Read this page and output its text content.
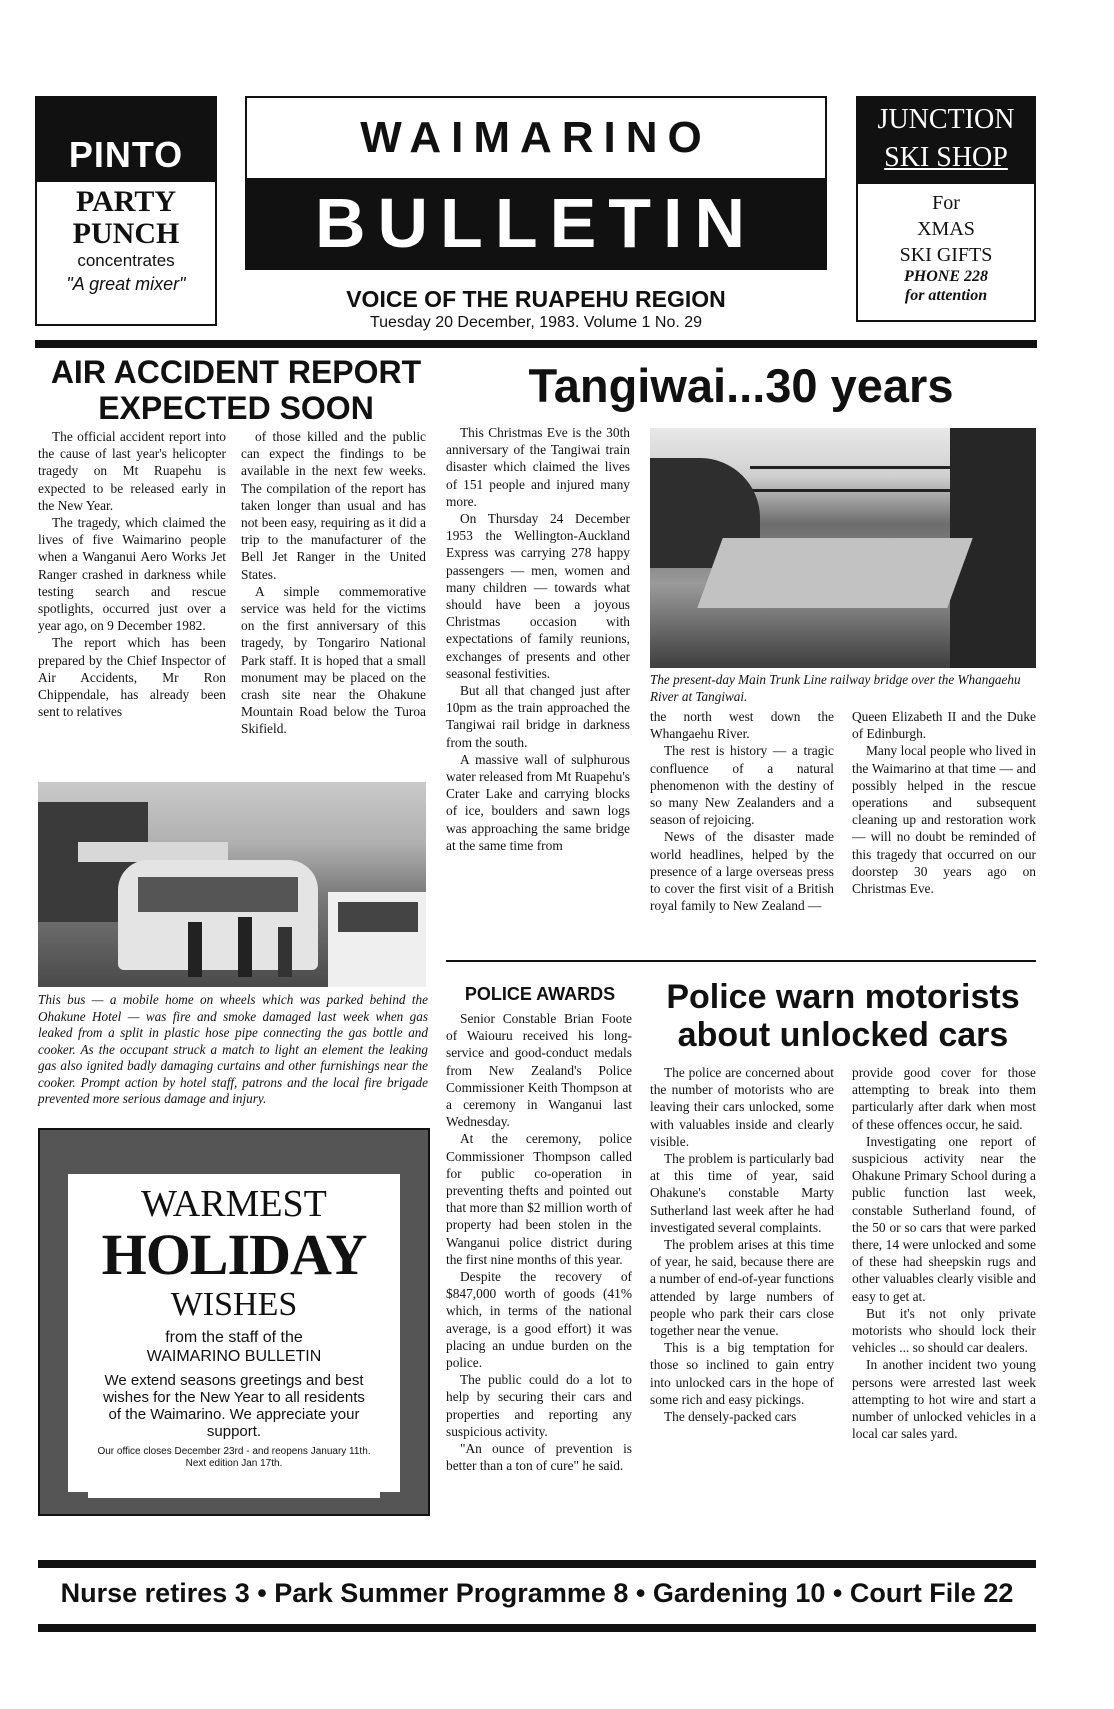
PINTO
PARTY
PUNCH
concentrates
"A great mixer"
WAIMARINO
BULLETIN
VOICE OF THE RUAPEHU REGION
Tuesday 20 December, 1983. Volume 1 No. 29
JUNCTION
SKI SHOP
For
XMAS
SKI GIFTS
PHONE 228
for attention
AIR ACCIDENT REPORT
EXPECTED SOON

The official accident report into the cause of last year's helicopter tragedy on Mt Ruapehu is expected to be released early in the New Year.

The tragedy, which claimed the lives of five Waimarino people when a Wanganui Aero Works Jet Ranger crashed in darkness while testing search and rescue spotlights, occurred just over a year ago, on 9 December 1982.

The report which has been prepared by the Chief Inspector of Air Accidents, Mr Ron Chippendale, has already been sent to relatives

of those killed and the public can expect the findings to be available in the next few weeks. The compilation of the report has taken longer than usual and has not been easy, requiring as it did a trip to the manufacturer of the Bell Jet Ranger in the United States.

A simple commemorative service was held for the victims on the first anniversary of this tragedy, by Tongariro National Park staff. It is hoped that a small monument may be placed on the crash site near the Ohakune Mountain Road below the Turoa Skifield.

This bus — a mobile home on wheels which was parked behind the Ohakune Hotel — was fire and smoke damaged last week when gas leaked from a split in plastic hose pipe connecting the gas bottle and cooker. As the occupant struck a match to light an element the leaking gas also ignited badly damaging curtains and other furnishings near the cooker. Prompt action by hotel staff, patrons and the local fire brigade prevented more serious damage and injury.
WARMEST
HOLIDAY
WISHES
from the staff of the
WAIMARINO BULLETIN
We extend seasons greetings and best wishes for the New Year to all residents of the Waimarino. We appreciate your support.
Our office closes December 23rd - and reopens January 11th. Next edition Jan 17th.
Tangiwai...30 years

This Christmas Eve is the 30th anniversary of the Tangiwai train disaster which claimed the lives of 151 people and injured many more.

On Thursday 24 December 1953 the Wellington-Auckland Express was carrying 278 happy passengers — men, women and many children — towards what should have been a joyous Christmas occasion with expectations of family reunions, exchanges of presents and other seasonal festivities.

But all that changed just after 10pm as the train approached the Tangiwai rail bridge in darkness from the south.

A massive wall of sulphurous water released from Mt Ruapehu's Crater Lake and carrying blocks of ice, boulders and sawn logs was approaching the same bridge at the same time from

The present-day Main Trunk Line railway bridge over the Whangaehu River at Tangiwai.

the north west down the Whangaehu River.

The rest is history — a tragic confluence of a natural phenomenon with the destiny of so many New Zealanders and a season of rejoicing.

News of the disaster made world headlines, helped by the presence of a large overseas press to cover the first visit of a British royal family to New Zealand —

Queen Elizabeth II and the Duke of Edinburgh.

Many local people who lived in the Waimarino at that time — and possibly helped in the rescue operations and subsequent cleaning up and restoration work — will no doubt be reminded of this tragedy that occurred on our doorstep 30 years ago on Christmas Eve.

POLICE AWARDS

Senior Constable Brian Foote of Waiouru received his long-service and good-conduct medals from New Zealand's Police Commissioner Keith Thompson at a ceremony in Wanganui last Wednesday.

At the ceremony, police Commissioner Thompson called for public co-operation in preventing thefts and pointed out that more than $2 million worth of property had been stolen in the Wanganui police district during the first nine months of this year.

Despite the recovery of $847,000 worth of goods (41% which, in terms of the national average, is a good effort) it was placing an undue burden on the police.

The public could do a lot to help by securing their cars and properties and reporting any suspicious activity.

"An ounce of prevention is better than a ton of cure" he said.

Police warn motorists
about unlocked cars

The police are concerned about the number of motorists who are leaving their cars unlocked, some with valuables inside and clearly visible.

The problem is particularly bad at this time of year, said Ohakune's constable Marty Sutherland last week after he had investigated several complaints.

The problem arises at this time of year, he said, because there are a number of end-of-year functions attended by large numbers of people who park their cars close together near the venue.

This is a big temptation for those so inclined to gain entry into unlocked cars in the hope of some rich and easy pickings.

The densely-packed cars

provide good cover for those attempting to break into them particularly after dark when most of these offences occur, he said.

Investigating one report of suspicious activity near the Ohakune Primary School during a public function last week, constable Sutherland found, of the 50 or so cars that were parked there, 14 were unlocked and some of these had sheepskin rugs and other valuables clearly visible and easy to get at.

But it's not only private motorists who should lock their vehicles ... so should car dealers.

In another incident two young persons were arrested last week attempting to hot wire and start a number of unlocked vehicles in a local car sales yard.

Nurse retires 3 • Park Summer Programme 8 • Gardening 10 • Court File 22
